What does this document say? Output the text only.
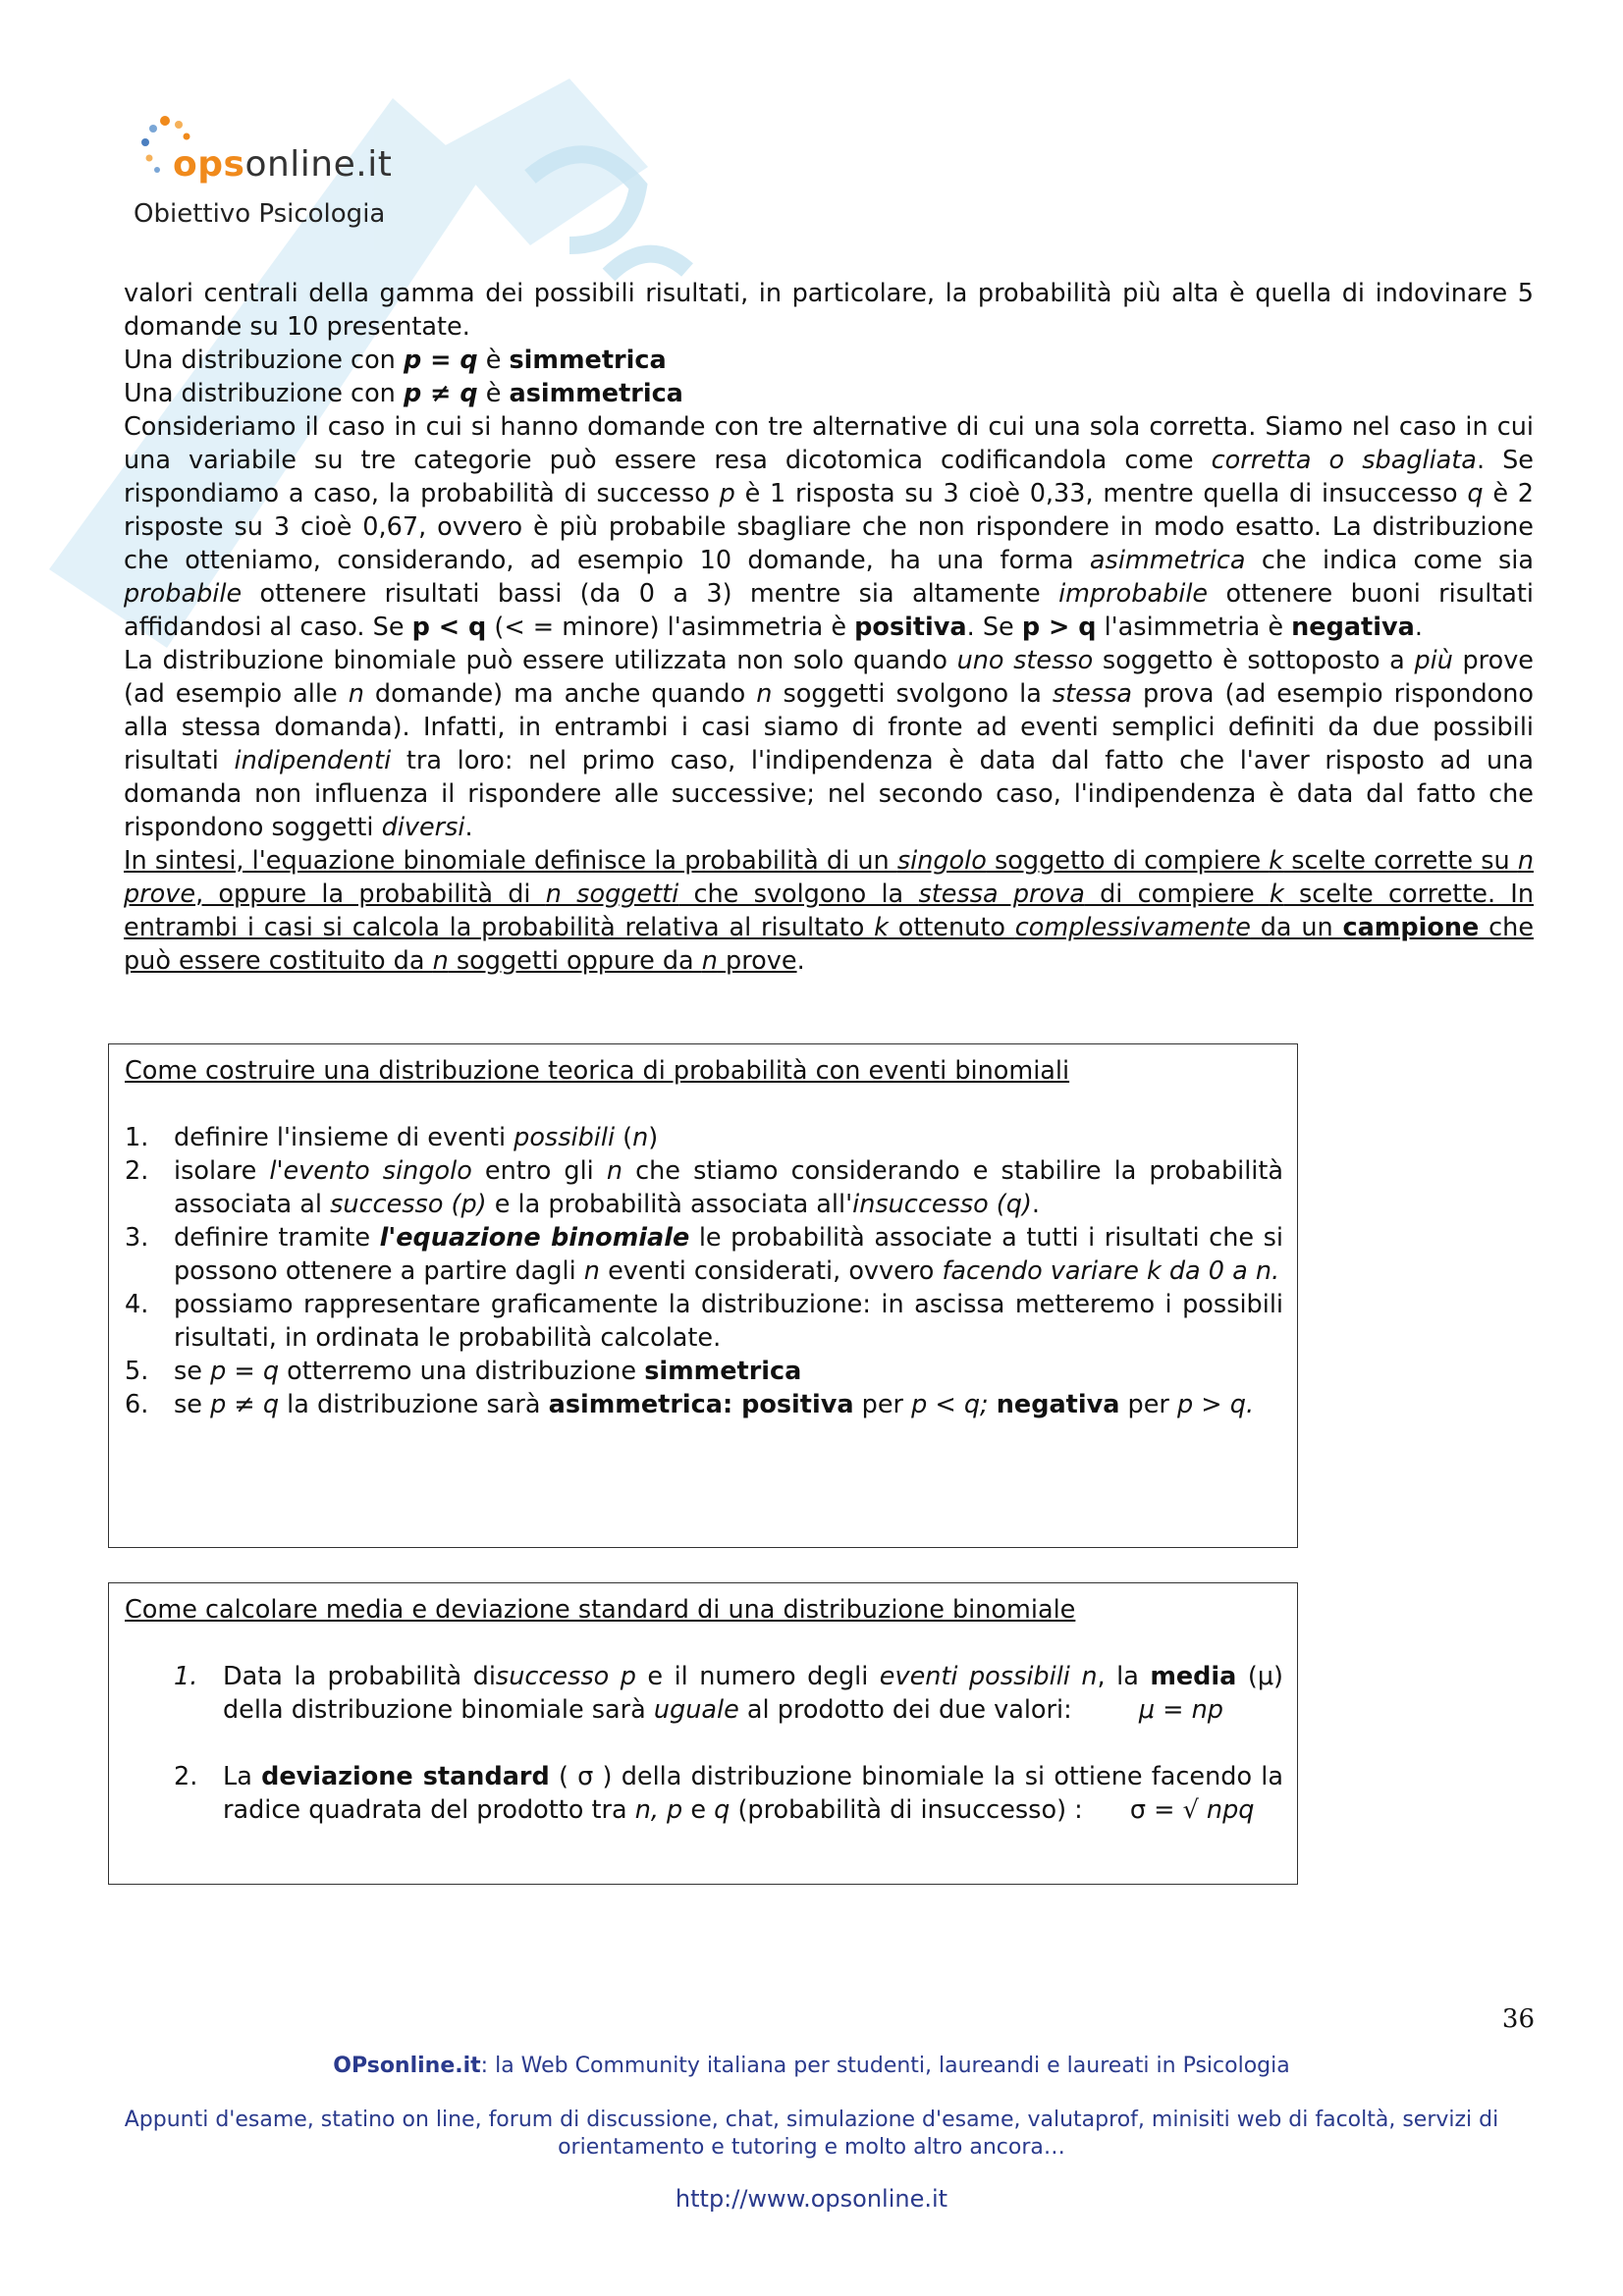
opsonline.it
Obiettivo Psicologia

valori centrali della gamma dei possibili risultati, in particolare, la probabilità più alta è quella di indovinare 5 domande su 10 presentate.

Una distribuzione con p = q è simmetrica

Una distribuzione con p ≠ q è asimmetrica

Consideriamo il caso in cui si hanno domande con tre alternative di cui una sola corretta. Siamo nel caso in cui una variabile su tre categorie può essere resa dicotomica codificandola come corretta o sbagliata. Se rispondiamo a caso, la probabilità di successo p è 1 risposta su 3 cioè 0,33, mentre quella di insuccesso q è 2 risposte su 3 cioè 0,67, ovvero è più probabile sbagliare che non rispondere in modo esatto. La distribuzione che otteniamo, considerando, ad esempio 10 domande, ha una forma asimmetrica che indica come sia probabile ottenere risultati bassi (da 0 a 3) mentre sia altamente improbabile ottenere buoni risultati affidandosi al caso. Se p < q (< = minore) l'asimmetria è positiva. Se p > q l'asimmetria è negativa.

La distribuzione binomiale può essere utilizzata non solo quando uno stesso soggetto è sottoposto a più prove (ad esempio alle n domande) ma anche quando n soggetti svolgono la stessa prova (ad esempio rispondono alla stessa domanda). Infatti, in entrambi i casi siamo di fronte ad eventi semplici definiti da due possibili risultati indipendenti tra loro: nel primo caso, l'indipendenza è data dal fatto che l'aver risposto ad una domanda non influenza il rispondere alle successive; nel secondo caso, l'indipendenza è data dal fatto che rispondono soggetti diversi.

In sintesi, l'equazione binomiale definisce la probabilità di un singolo soggetto di compiere k scelte corrette su n prove, oppure la probabilità di n soggetti che svolgono la stessa prova di compiere k scelte corrette. In entrambi i casi si calcola la probabilità relativa al risultato k ottenuto complessivamente da un campione che può essere costituito da n soggetti oppure da n prove.

Come costruire una distribuzione teorica di probabilità con eventi binomiali
1. definire l'insieme di eventi possibili (n)
2. isolare l'evento singolo entro gli n che stiamo considerando e stabilire la probabilità associata al successo (p) e la probabilità associata all'insuccesso (q).
3. definire tramite l'equazione binomiale le probabilità associate a tutti i risultati che si possono ottenere a partire dagli n eventi considerati, ovvero facendo variare k da 0 a n.
4. possiamo rappresentare graficamente la distribuzione: in ascissa metteremo i possibili risultati, in ordinata le probabilità calcolate.
5. se p = q otterremo una distribuzione simmetrica
6. se p ≠ q la distribuzione sarà asimmetrica: positiva per p < q; negativa per p > q.
Come calcolare media e deviazione standard di una distribuzione binomiale
1. Data la probabilità disuccesso p e il numero degli eventi possibili n, la media (μ) della distribuzione binomiale sarà uguale al prodotto dei due valori: μ = np
2. La deviazione standard ( σ ) della distribuzione binomiale la si ottiene facendo la radice quadrata del prodotto tra n, p e q (probabilità di insuccesso) : σ = √ npq
36
OPsonline.it: la Web Community italiana per studenti, laureandi e laureati in Psicologia
Appunti d'esame, statino on line, forum di discussione, chat, simulazione d'esame, valutaprof, minisiti web di facoltà, servizi di orientamento e tutoring e molto altro ancora…
http://www.opsonline.it
